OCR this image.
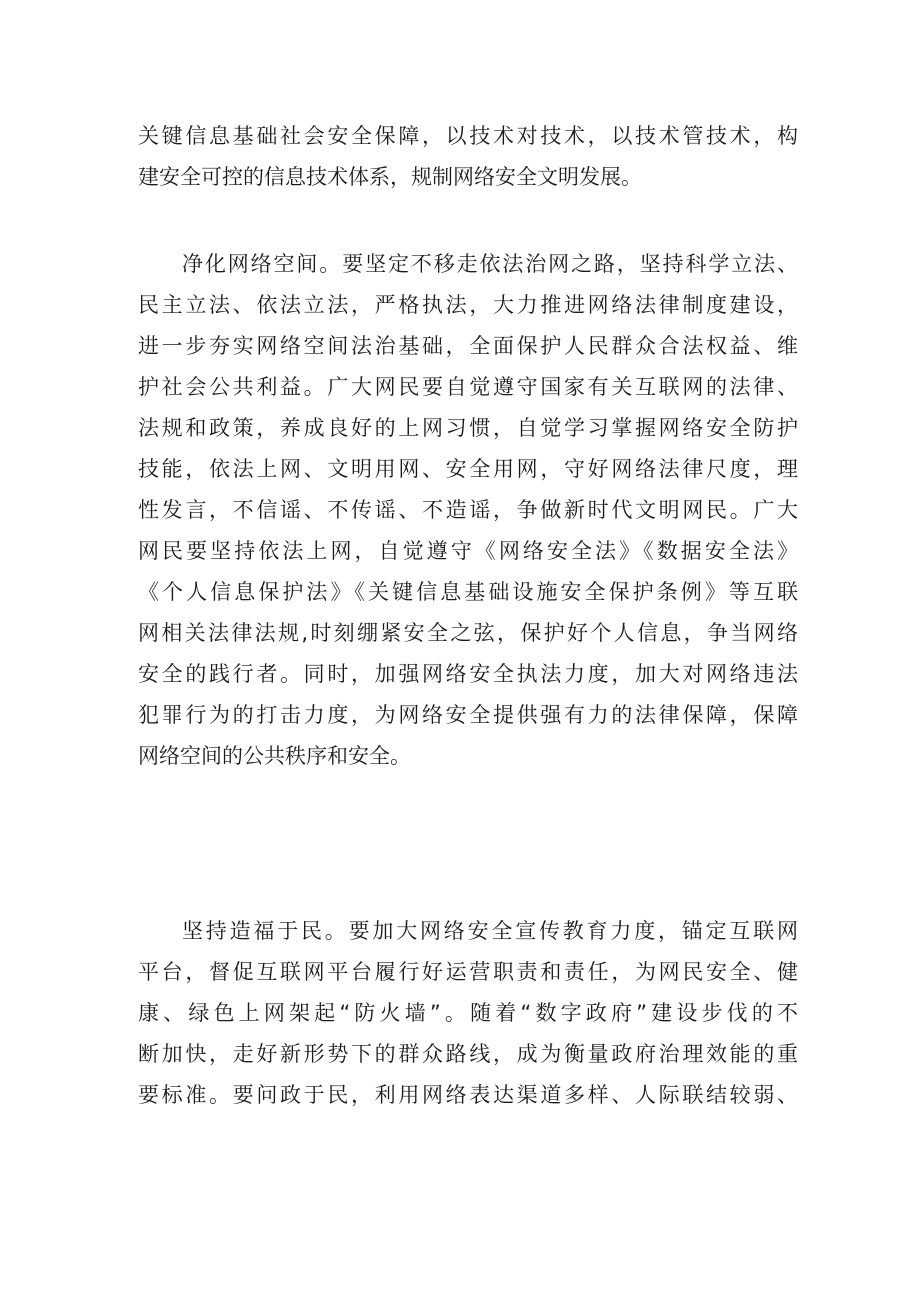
关键信息基础社会安全保障，以技术对技术，以技术管技术，构
建安全可控的信息技术体系，规制网络安全文明发展。
净化网络空间。要坚定不移走依法治网之路，坚持科学立法、
民主立法、依法立法，严格执法，大力推进网络法律制度建设，
进一步夯实网络空间法治基础，全面保护人民群众合法权益、维
护社会公共利益。广大网民要自觉遵守国家有关互联网的法律、
法规和政策，养成良好的上网习惯，自觉学习掌握网络安全防护
技能，依法上网、文明用网、安全用网，守好网络法律尺度，理
性发言，不信谣、不传谣、不造谣，争做新时代文明网民。广大
网民要坚持依法上网，自觉遵守《网络安全法》《数据安全法》
《个人信息保护法》《关键信息基础设施安全保护条例》等互联
网相关法律法规,时刻绷紧安全之弦，保护好个人信息，争当网络
安全的践行者。同时，加强网络安全执法力度，加大对网络违法
犯罪行为的打击力度，为网络安全提供强有力的法律保障，保障
网络空间的公共秩序和安全。
坚持造福于民。要加大网络安全宣传教育力度，锚定互联网
平台，督促互联网平台履行好运营职责和责任，为网民安全、健
康、绿色上网架起“防火墙”。随着“数字政府”建设步伐的不
断加快，走好新形势下的群众路线，成为衡量政府治理效能的重
要标准。要问政于民，利用网络表达渠道多样、人际联结较弱、
